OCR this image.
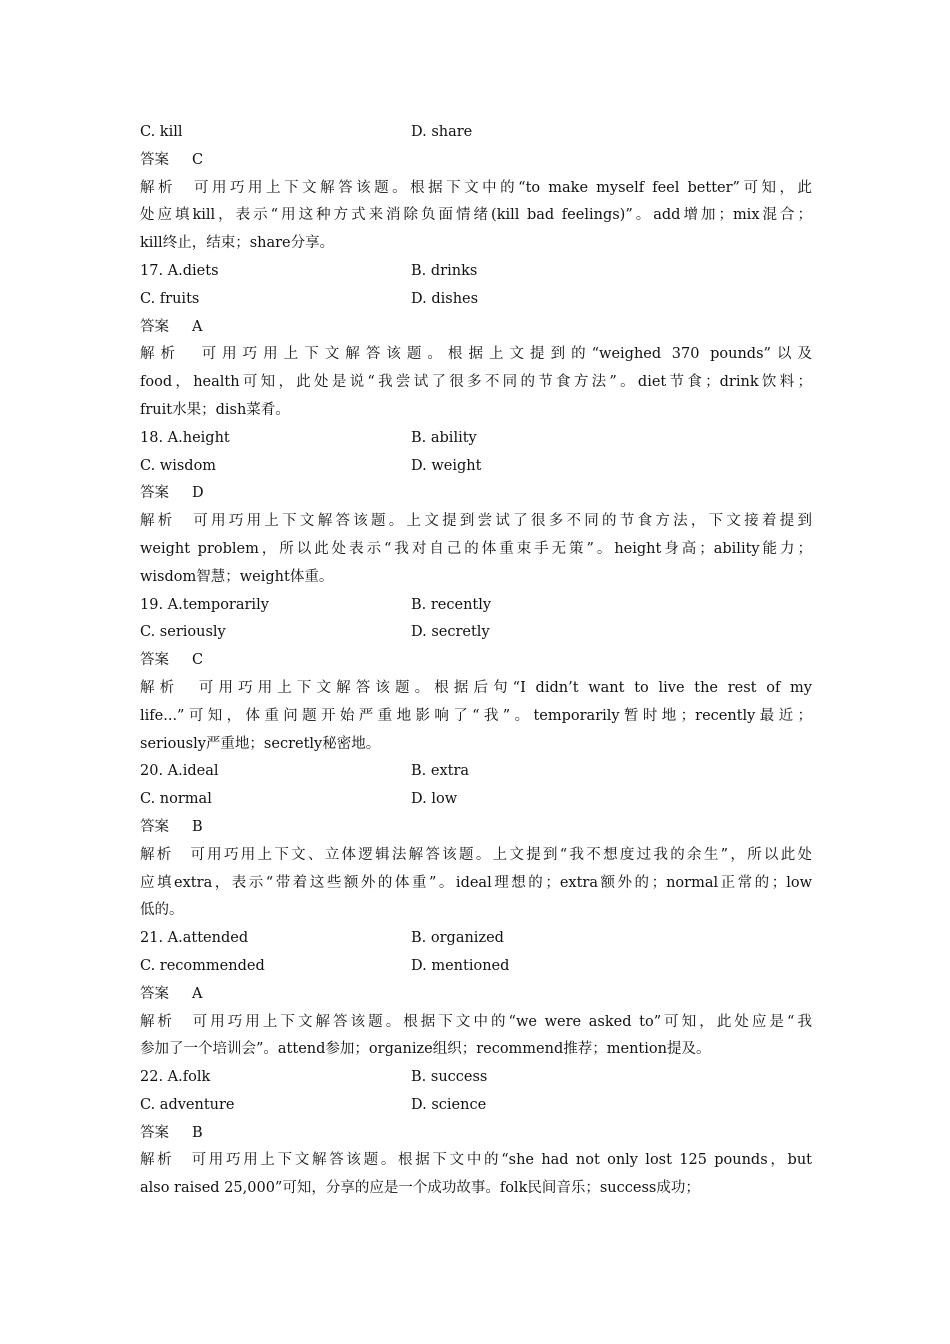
C. kill	D. share
答案 C
解析　可用巧用上下文解答该题。根据下文中的“to make myself feel better”可知，此
处应填kill，表示“用这种方式来消除负面情绪(kill bad feelings)”。add增加；mix混合；
kill终止，结束；share分享。
17. A.diets	B. drinks
C. fruits	D. dishes
答案 A
解析　可用巧用上下文解答该题。根据上文提到的“weighed 370 pounds”以及
food，health可知，此处是说“我尝试了很多不同的节食方法”。diet节食；drink饮料；
fruit水果；dish菜肴。
18. A.height	B. ability
C. wisdom	D. weight
答案 D
解析　可用巧用上下文解答该题。上文提到尝试了很多不同的节食方法，下文接着提到
weight problem，所以此处表示“我对自己的体重束手无策”。height身高；ability能力；
wisdom智慧；weight体重。
19. A.temporarily	B. recently
C. seriously	D. secretly
答案 C
解析　可用巧用上下文解答该题。根据后句“I didn’t want to live the rest of my
life...”可知，体重问题开始严重地影响了“我”。temporarily暂时地；recently最近；
seriously严重地；secretly秘密地。
20. A.ideal	B. extra
C. normal	D. low
答案 B
解析　可用巧用上下文、立体逻辑法解答该题。上文提到“我不想度过我的余生”，所以此处
应填extra，表示“带着这些额外的体重”。ideal理想的；extra额外的；normal正常的；low
低的。
21. A.attended	B. organized
C. recommended	D. mentioned
答案 A
解析　可用巧用上下文解答该题。根据下文中的“we were asked to”可知，此处应是“我
参加了一个培训会”。attend参加；organize组织；recommend推荐；mention提及。
22. A.folk	B. success
C. adventure	D. science
答案 B
解析　可用巧用上下文解答该题。根据下文中的“she had not only lost 125 pounds，but
also raised 25,000”可知，分享的应是一个成功故事。folk民间音乐；success成功；
